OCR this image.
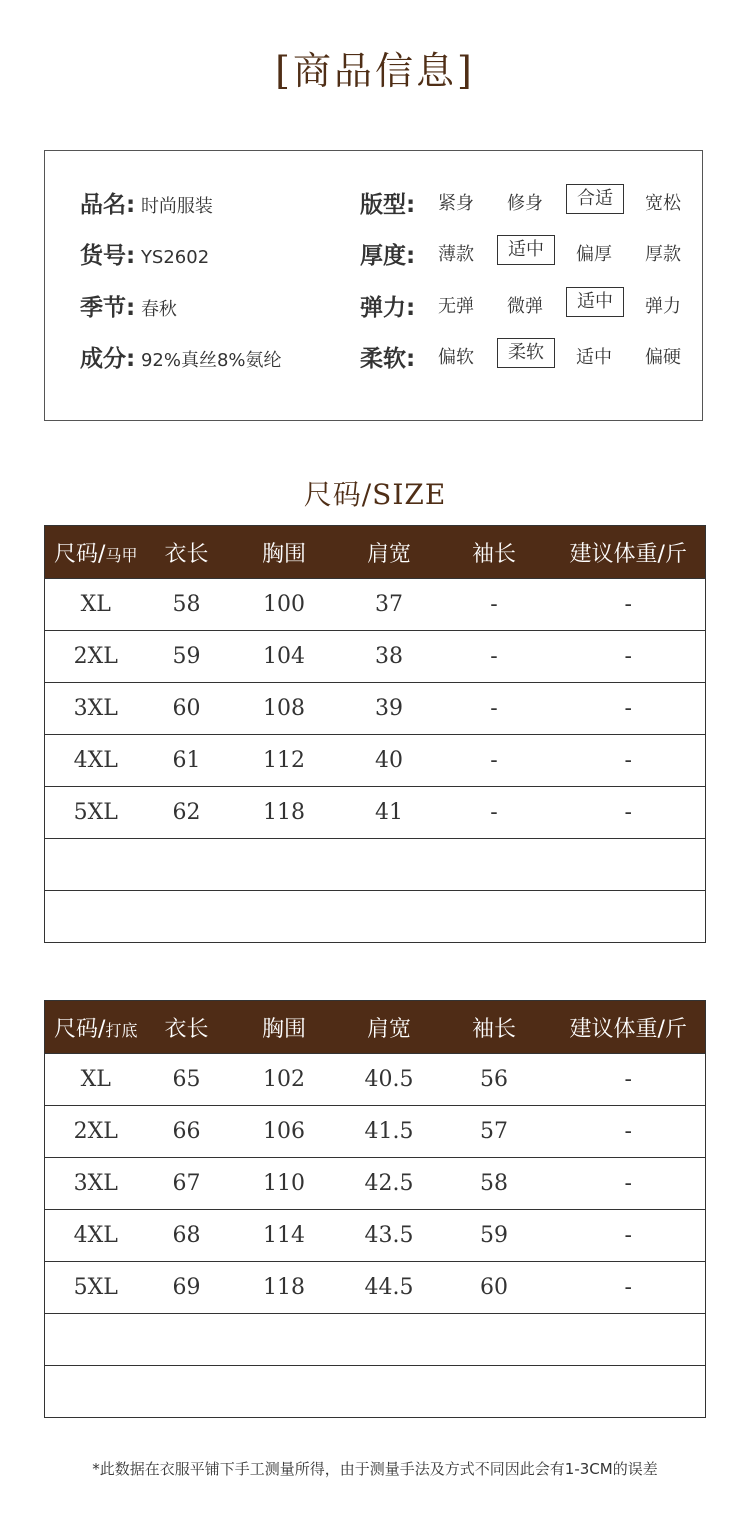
[商品信息]
品名: 时尚服装
货号: YS2602
季节: 春秋
成分: 92%真丝8%氨纶
版型:	紧身	修身	合适	宽松
厚度:	薄款	适中	偏厚	厚款
弹力:	无弹	微弹	适中	弹力
柔软:	偏软	柔软	适中	偏硬
尺码/SIZE
尺码/马甲	衣长	胸围	肩宽	袖长	建议体重/斤
XL	58	100	37	-	-
2XL	59	104	38	-	-
3XL	60	108	39	-	-
4XL	61	112	40	-	-
5XL	62	118	41	-	-

尺码/打底	衣长	胸围	肩宽	袖长	建议体重/斤
XL	65	102	40.5	56	-
2XL	66	106	41.5	57	-
3XL	67	110	42.5	58	-
4XL	68	114	43.5	59	-
5XL	69	118	44.5	60	-

*此数据在衣服平铺下手工测量所得，由于测量手法及方式不同因此会有1-3CM的误差
